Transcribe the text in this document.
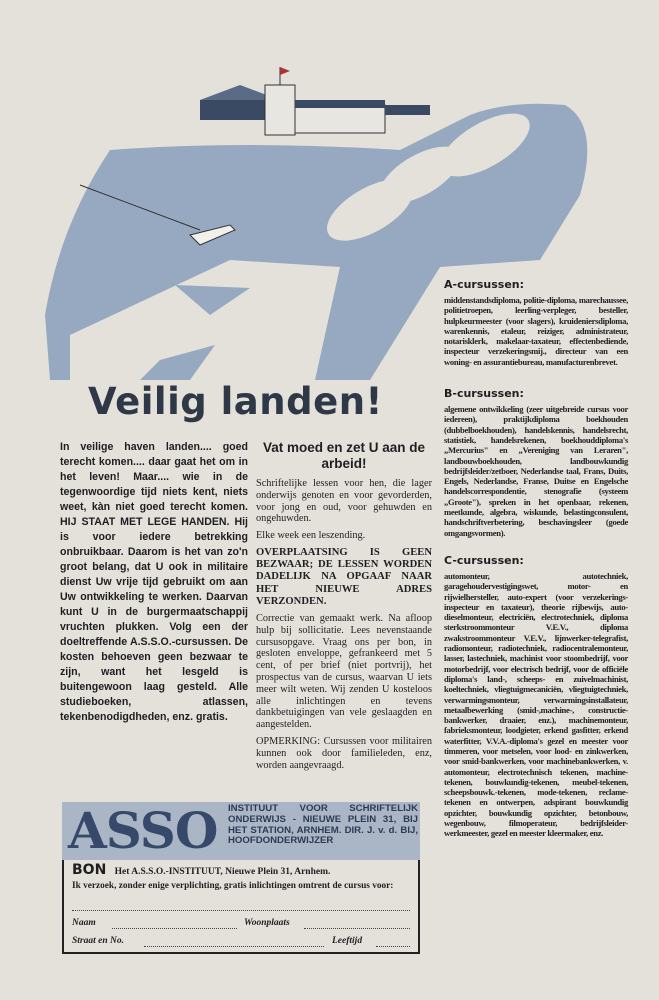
Veilig landen!
In veilige haven landen.... goed terecht komen.... daar gaat het om in het leven! Maar.... wie in de tegenwoordige tijd niets kent, niets weet, kàn niet goed terecht komen. HIJ STAAT MET LEGE HANDEN. Hij is voor iedere betrekking onbruikbaar. Daarom is het van zo'n groot belang, dat U ook in militaire dienst Uw vrije tijd gebruikt om aan Uw ontwikkeling te werken. Daarvan kunt U in de burgermaatschappij vruchten plukken. Volg een der doeltreffende A.S.S.O.-cursussen. De kosten behoeven geen bezwaar te zijn, want het lesgeld is buitengewoon laag gesteld. Alle studieboeken, atlassen, tekenbenodigdheden, enz. gratis.
Vat moed en zet U aan de arbeid!

Schriftelijke lessen voor hen, die lager onderwijs genoten en voor gevorderden, voor jong en oud, voor gehuwden en ongehuwden.

Elke week een leszending.

OVERPLAATSING IS GEEN BEZWAAR; DE LESSEN WORDEN DADELIJK NA OPGAAF NAAR HET NIEUWE ADRES VERZONDEN.

Correctie van gemaakt werk. Na afloop hulp bij sollicitatie. Lees nevenstaande cursusopgave. Vraag ons per bon, in gesloten enveloppe, gefrankeerd met 5 cent, of per brief (niet portvrij), het prospectus van de cursus, waarvan U iets meer wilt weten. Wij zenden U kosteloos alle inlichtingen en tevens dankbetuigingen van vele geslaagden en aangestelden.

OPMERKING: Cursussen voor militairen kunnen ook door familieleden, enz, worden aangevraagd.

A-cursussen:

middenstandsdiploma, politie-diploma, marechaussee, politietroepen, leerling-verpleger, besteller, hulpkeurmeester (voor slagers), kruideniersdiploma, warenkennis, etaleur, reiziger, administrateur, notarisklerk, makelaar-taxateur, effectenbediende, inspecteur verzekeringsmij., directeur van een woning- en assurantiebureau, manufacturenbrevet.

B-cursussen:

algemene ontwikkeling (zeer uitgebreide cursus voor iedereen), praktijkdiploma boekhouden (dubbelboekhouden), handelskennis, handelsrecht, statistiek, handelsrekenen, boekhouddiploma's „Mercurius" en „Vereniging van Leraren", landbouwboekhouden, landbouwkundig bedrijfsleider/zetboer, Nederlandse taal, Frans, Duits, Engels, Nederlandse, Franse, Duitse en Engelsche handelscorrespondentie, stenografie (systeem „Groote"), spreken in het openbaar, rekenen, meetkunde, algebra, wiskunde, belastingconsulent, handschriftverbetering, beschavingsleer (goede omgangsvormen).

C-cursussen:

automonteur, autotechniek, garagehoudervestigingswet, motor- en rijwielhersteller, auto-expert (voor verzekerings-inspecteur en taxateur), theorie rijbewijs, auto-dieselmonteur, electriciën, electrotechniek, diploma sterkstroommonteur V.E.V., diploma zwakstroommonteur V.E.V., lijnwerker-telegrafist, radiomonteur, radiotechniek, radiocentralemonteur, lasser, lastechniek, machinist voor stoombedrijf, voor motorbedrijf, voor electrisch bedrijf, voor de officiële diploma's land-, scheeps- en zuivelmachinist, koeltechniek, vliegtuigmecaniciën, vliegtuigtechniek, verwarmingsmonteur, verwarmingsinstallateur, metaalbewerking (smid-,machine-, constructie-bankwerker, draaier, enz.), machinemonteur, fabrieksmonteur, loodgieter, erkend gasfitter, erkend waterfitter, V.V.A.-diploma's gezel en meester voor timmeren, voor metselen, voor lood- en zinkwerken, voor smid-bankwerken, voor machinebankwerken, v. automonteur, electrotechnisch tekenen, machine-tekenen, bouwkundig-tekenen, meubel-tekenen, scheepsbouwk.-tekenen, mode-tekenen, reclame-tekenen en ontwerpen, adspirant bouwkundig opzichter, bouwkundig opzichter, betonbouw, wegenbouw, filmoperateur, bedrijfsleider-werkmeester, gezel en meester kleermaker, enz.

ASSO INSTITUUT VOOR SCHRIFTELIJK ONDERWIJS - NIEUWE PLEIN 31, BIJ HET STATION, ARNHEM. DIR. J. v. d. BIJ, HOOFDONDERWIJZER
BON Het A.S.S.O.-INSTITUUT, Nieuwe Plein 31, Arnhem.
Ik verzoek, zonder enige verplichting, gratis inlichtingen omtrent de cursus voor:
Naam	Woonplaats
Straat en No.	Leeftijd
